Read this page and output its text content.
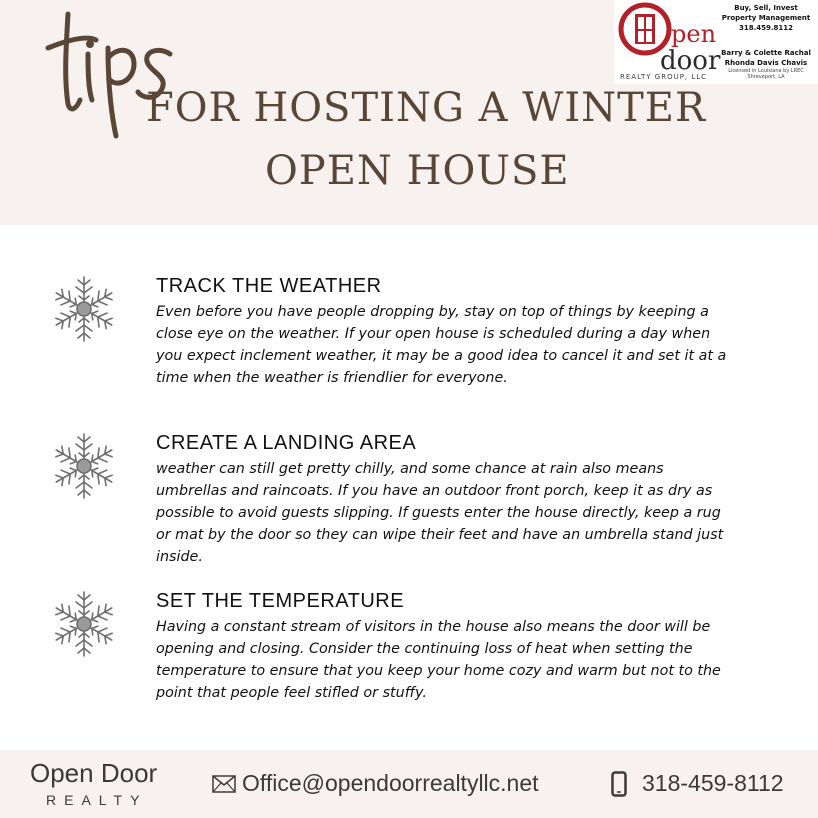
FOR HOSTING A WINTER
OPEN HOUSE
pen
door
REALTY GROUP, LLC
Buy, Sell, Invest
Property Management
318.459.8112
Barry & Colette Rachal
Rhonda Davis Chavis
Licensed in Louisiana by LREC
Shreveport, LA
TRACK THE WEATHER
Even before you have people dropping by, stay on top of things by keeping a close eye on the weather. If your open house is scheduled during a day when you expect inclement weather, it may be a good idea to cancel it and set it at a time when the weather is friendlier for everyone.
CREATE A LANDING AREA
weather can still get pretty chilly, and some chance at rain also means umbrellas and raincoats. If you have an outdoor front porch, keep it as dry as possible to avoid guests slipping. If guests enter the house directly, keep a rug or mat by the door so they can wipe their feet and have an umbrella stand just inside.
SET THE TEMPERATURE
Having a constant stream of visitors in the house also means the door will be opening and closing. Consider the continuing loss of heat when setting the temperature to ensure that you keep your home cozy and warm but not to the point that people feel stifled or stuffy.
Open Door
REALTY
Office@opendoorrealtyllc.net	318-459-8112
